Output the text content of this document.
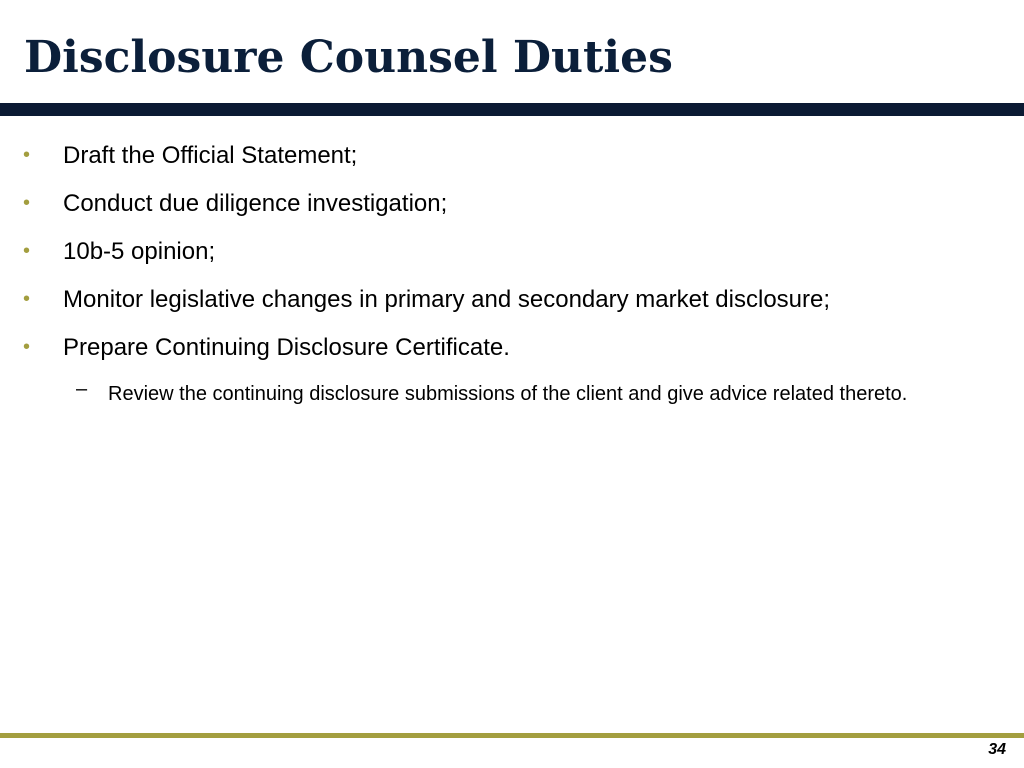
Disclosure Counsel Duties
• Draft the Official Statement;
• Conduct due diligence investigation;
• 10b-5 opinion;
• Monitor legislative changes in primary and secondary market disclosure;
• Prepare Continuing Disclosure Certificate.
– Review the continuing disclosure submissions of the client and give advice related thereto.
34
